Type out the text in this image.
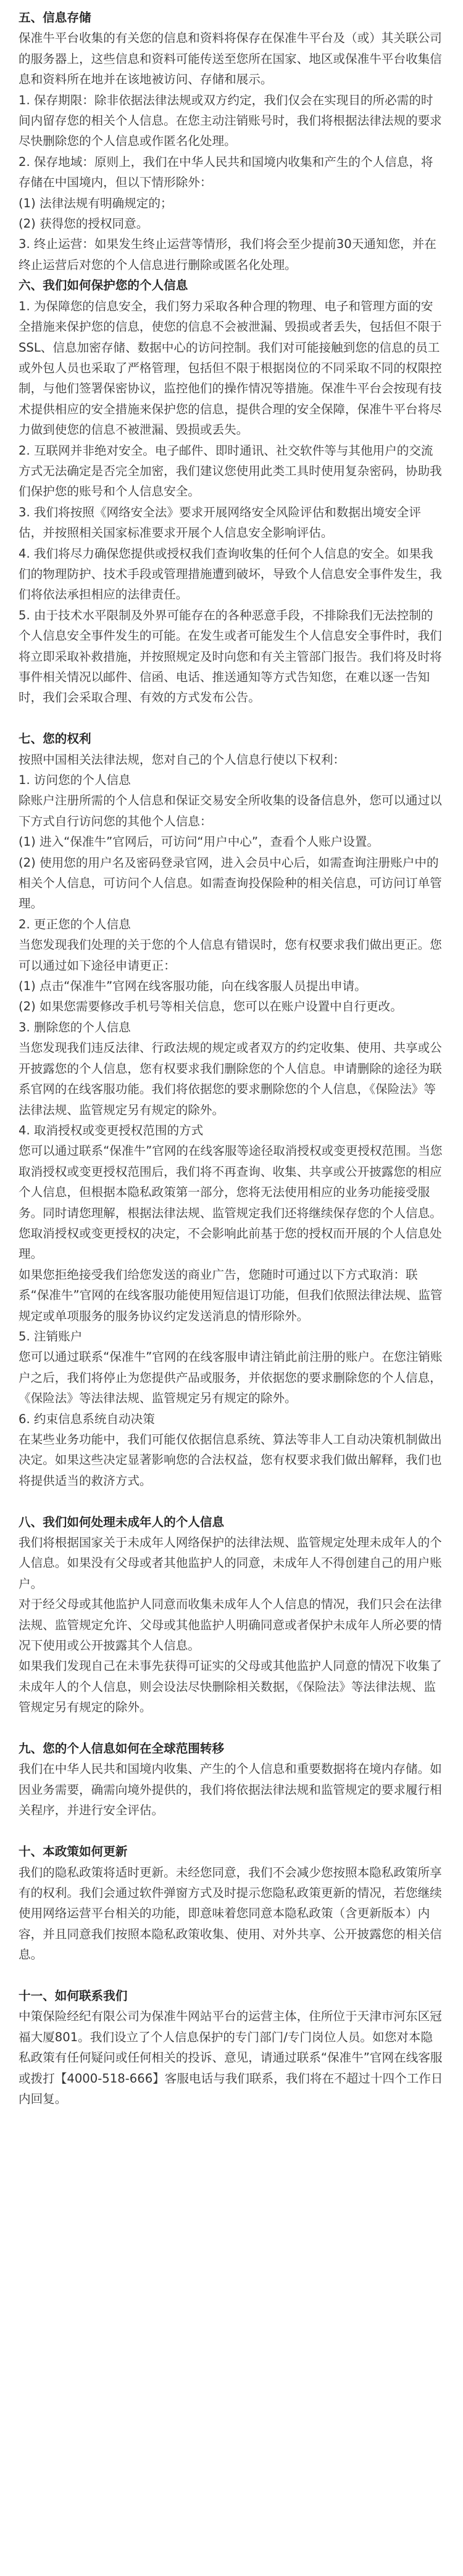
五、信息存储

保准牛平台收集的有关您的信息和资料将保存在保准牛平台及（或）其关联公司的服务器上，这些信息和资料可能传送至您所在国家、地区或保准牛平台收集信息和资料所在地并在该地被访问、存储和展示。

1. 保存期限：除非依据法律法规或双方约定，我们仅会在实现目的所必需的时间内留存您的相关个人信息。在您主动注销账号时，我们将根据法律法规的要求尽快删除您的个人信息或作匿名化处理。

2. 保存地域：原则上，我们在中华人民共和国境内收集和产生的个人信息，将存储在中国境内，但以下情形除外：

(1) 法律法规有明确规定的；

(2) 获得您的授权同意。

3. 终止运营：如果发生终止运营等情形，我们将会至少提前30天通知您，并在终止运营后对您的个人信息进行删除或匿名化处理。

六、我们如何保护您的个人信息

1. 为保障您的信息安全，我们努力采取各种合理的物理、电子和管理方面的安全措施来保护您的信息，使您的信息不会被泄漏、毁损或者丢失，包括但不限于SSL、信息加密存储、数据中心的访问控制。我们对可能接触到您的信息的员工或外包人员也采取了严格管理，包括但不限于根据岗位的不同采取不同的权限控制，与他们签署保密协议，监控他们的操作情况等措施。保准牛平台会按现有技术提供相应的安全措施来保护您的信息，提供合理的安全保障，保准牛平台将尽力做到使您的信息不被泄漏、毁损或丢失。

2. 互联网并非绝对安全。电子邮件、即时通讯、社交软件等与其他用户的交流方式无法确定是否完全加密，我们建议您使用此类工具时使用复杂密码，协助我们保护您的账号和个人信息安全。

3. 我们将按照《网络安全法》要求开展网络安全风险评估和数据出境安全评估，并按照相关国家标准要求开展个人信息安全影响评估。

4. 我们将尽力确保您提供或授权我们查询收集的任何个人信息的安全。如果我们的物理防护、技术手段或管理措施遭到破坏，导致个人信息安全事件发生，我们将依法承担相应的法律责任。

5. 由于技术水平限制及外界可能存在的各种恶意手段，不排除我们无法控制的个人信息安全事件发生的可能。在发生或者可能发生个人信息安全事件时，我们将立即采取补救措施，并按照规定及时向您和有关主管部门报告。我们将及时将事件相关情况以邮件、信函、电话、推送通知等方式告知您，在难以逐一告知时，我们会采取合理、有效的方式发布公告。

七、您的权利

按照中国相关法律法规，您对自己的个人信息行使以下权利：

1. 访问您的个人信息

除账户注册所需的个人信息和保证交易安全所收集的设备信息外，您可以通过以下方式自行访问您的其他个人信息：

(1) 进入“保准牛”官网后，可访问“用户中心”，查看个人账户设置。

(2) 使用您的用户名及密码登录官网，进入会员中心后，如需查询注册账户中的相关个人信息，可访问个人信息。如需查询投保险种的相关信息，可访问订单管理。

2. 更正您的个人信息

当您发现我们处理的关于您的个人信息有错误时，您有权要求我们做出更正。您可以通过如下途径申请更正：

(1) 点击“保准牛”官网在线客服功能，向在线客服人员提出申请。

(2) 如果您需要修改手机号等相关信息，您可以在账户设置中自行更改。

3. 删除您的个人信息

当您发现我们违反法律、行政法规的规定或者双方的约定收集、使用、共享或公开披露您的个人信息，您有权要求我们删除您的个人信息。申请删除的途径为联系官网的在线客服功能。我们将依据您的要求删除您的个人信息，《保险法》等法律法规、监管规定另有规定的除外。

4. 取消授权或变更授权范围的方式

您可以通过联系“保准牛”官网的在线客服等途径取消授权或变更授权范围。当您取消授权或变更授权范围后，我们将不再查询、收集、共享或公开披露您的相应个人信息，但根据本隐私政策第一部分，您将无法使用相应的业务功能接受服务。同时请您理解，根据法律法规、监管规定我们还将继续保存您的个人信息。您取消授权或变更授权的决定，不会影响此前基于您的授权而开展的个人信息处理。

如果您拒绝接受我们给您发送的商业广告，您随时可通过以下方式取消：联系“保准牛”官网的在线客服功能使用短信退订功能，但我们依照法律法规、监管规定或单项服务的服务协议约定发送消息的情形除外。

5. 注销账户

您可以通过联系“保准牛”官网的在线客服申请注销此前注册的账户。在您注销账户之后，我们将停止为您提供产品或服务，并依据您的要求删除您的个人信息，《保险法》等法律法规、监管规定另有规定的除外。

6. 约束信息系统自动决策

在某些业务功能中，我们可能仅依据信息系统、算法等非人工自动决策机制做出决定。如果这些决定显著影响您的合法权益，您有权要求我们做出解释，我们也将提供适当的救济方式。

八、我们如何处理未成年人的个人信息

我们将根据国家关于未成年人网络保护的法律法规、监管规定处理未成年人的个人信息。如果没有父母或者其他监护人的同意，未成年人不得创建自己的用户账户。

对于经父母或其他监护人同意而收集未成年人个人信息的情况，我们只会在法律法规、监管规定允许、父母或其他监护人明确同意或者保护未成年人所必要的情况下使用或公开披露其个人信息。

如果我们发现自己在未事先获得可证实的父母或其他监护人同意的情况下收集了未成年人的个人信息，则会设法尽快删除相关数据，《保险法》等法律法规、监管规定另有规定的除外。

九、您的个人信息如何在全球范围转移

我们在中华人民共和国境内收集、产生的个人信息和重要数据将在境内存储。如因业务需要，确需向境外提供的，我们将依据法律法规和监管规定的要求履行相关程序，并进行安全评估。

十、本政策如何更新

我们的隐私政策将适时更新。未经您同意，我们不会减少您按照本隐私政策所享有的权利。我们会通过软件弹窗方式及时提示您隐私政策更新的情况，若您继续使用网络运营平台相关的功能，即意味着您同意本隐私政策（含更新版本）内容，并且同意我们按照本隐私政策收集、使用、对外共享、公开披露您的相关信息。

十一、如何联系我们

中策保险经纪有限公司为保准牛网站平台的运营主体，住所位于天津市河东区冠福大厦801。我们设立了个人信息保护的专门部门/专门岗位人员。如您对本隐私政策有任何疑问或任何相关的投诉、意见，请通过联系“保准牛”官网在线客服或拨打【4000-518-666】客服电话与我们联系，我们将在不超过十四个工作日内回复。
